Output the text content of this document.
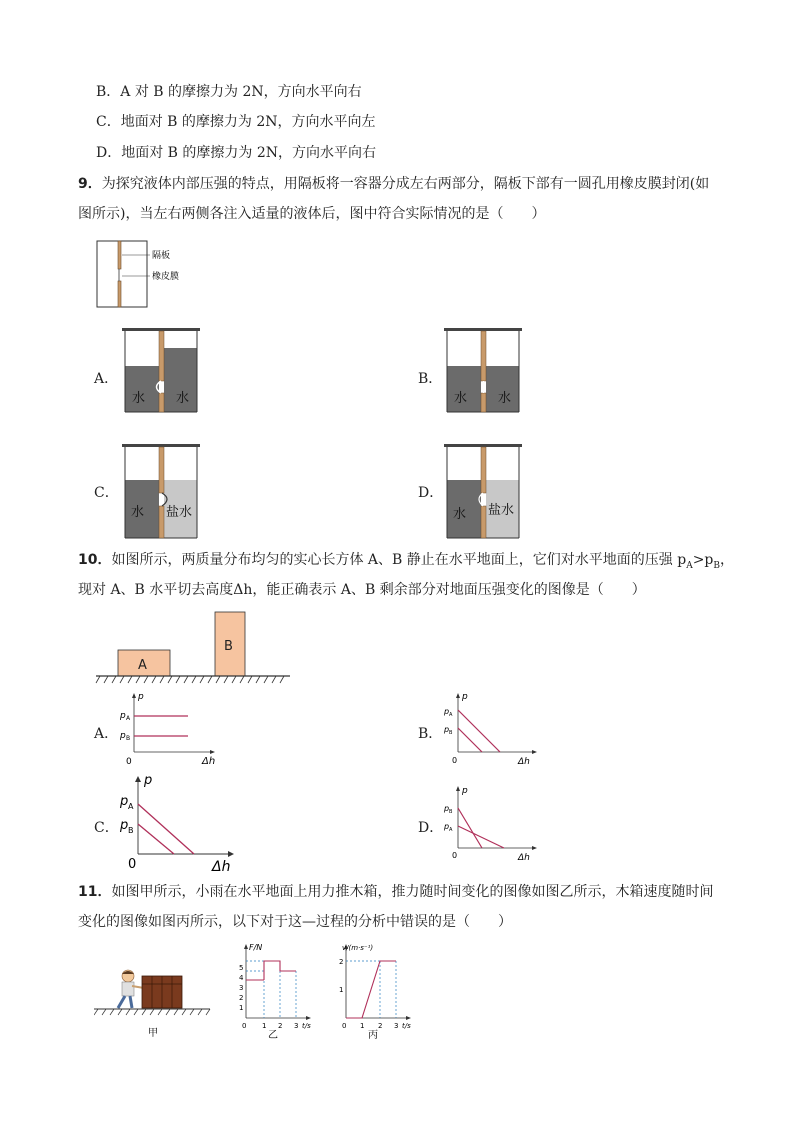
B．A 对 B 的摩擦力为 2N，方向水平向右
C．地面对 B 的摩擦力为 2N，方向水平向左
D．地面对 B 的摩擦力为 2N，方向水平向右
9．为探究液体内部压强的特点，用隔板将一容器分成左右两部分，隔板下部有一圆孔用橡皮膜封闭(如
图所示)，当左右两侧各注入适量的液体后，图中符合实际情况的是（　　）
隔板
橡皮膜
A．
水 水
B．
水 水
C．
水 盐水
D．
水 盐水
10．如图所示，两质量分布均匀的实心长方体 A、B 静止在水平地面上，它们对水平地面的压强 $p_A>p_B$，
现对 A、B 水平切去高度Δh，能正确表示 A、B 剩余部分对地面压强变化的图像是（　　）
A
B
A．
p
p A
p B
0	Δh
B．
p
p A
p B
0	Δh
C．
p
p A
p B
0	Δh
D．
p
p B
p A
0	Δh
11．如图甲所示，小雨在水平地面上用力推木箱，推力随时间变化的图像如图乙所示，木箱速度随时间
变化的图像如图丙所示，以下对于这—过程的分析中错误的是（　　）
甲
F/N
1
2
3
4
5
0 1 2 3 t/s
乙
v/(m·s⁻¹)
1
2
0 1 2 3 t/s
丙
